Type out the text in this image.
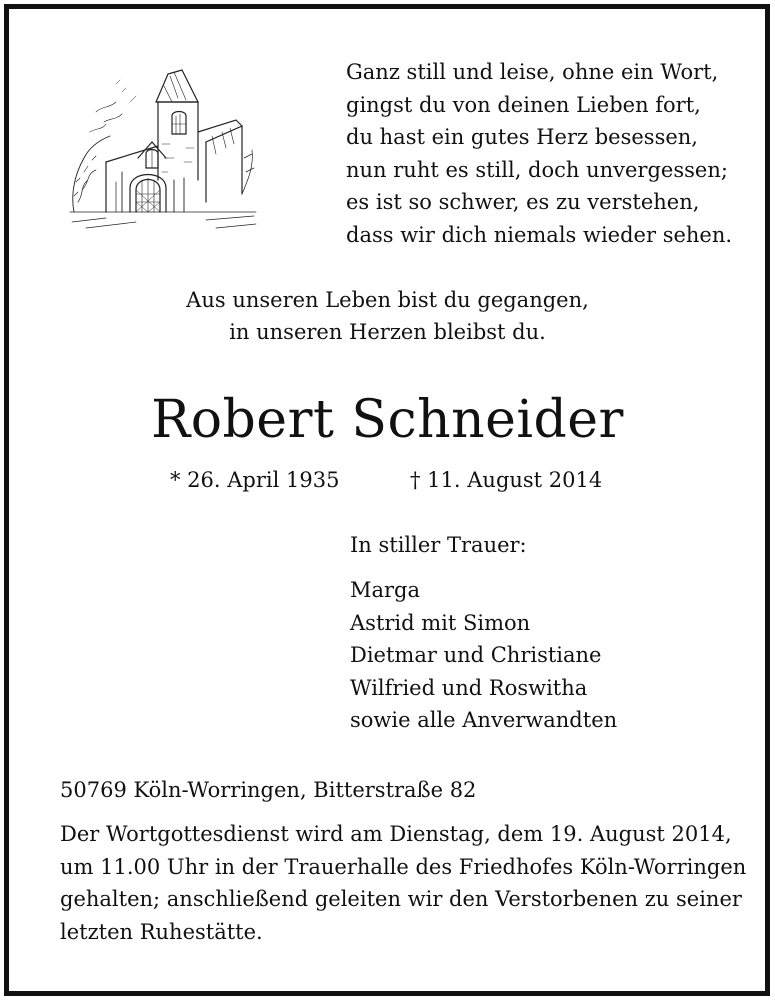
Ganz still und leise, ohne ein Wort,
gingst du von deinen Lieben fort,
du hast ein gutes Herz besessen,
nun ruht es still, doch unvergessen;
es ist so schwer, es zu verstehen,
dass wir dich niemals wieder sehen.
Aus unseren Leben bist du gegangen,
in unseren Herzen bleibst du.
Robert Schneider
* 26. April 1935	† 11. August 2014
In stiller Trauer:
Marga
Astrid mit Simon
Dietmar und Christiane
Wilfried und Roswitha
sowie alle Anverwandten
50769 Köln-Worringen, Bitterstraße 82
Der Wortgottesdienst wird am Dienstag, dem 19. August 2014,
um 11.00 Uhr in der Trauerhalle des Friedhofes Köln-Worringen
gehalten; anschließend geleiten wir den Verstorbenen zu seiner
letzten Ruhestätte.
